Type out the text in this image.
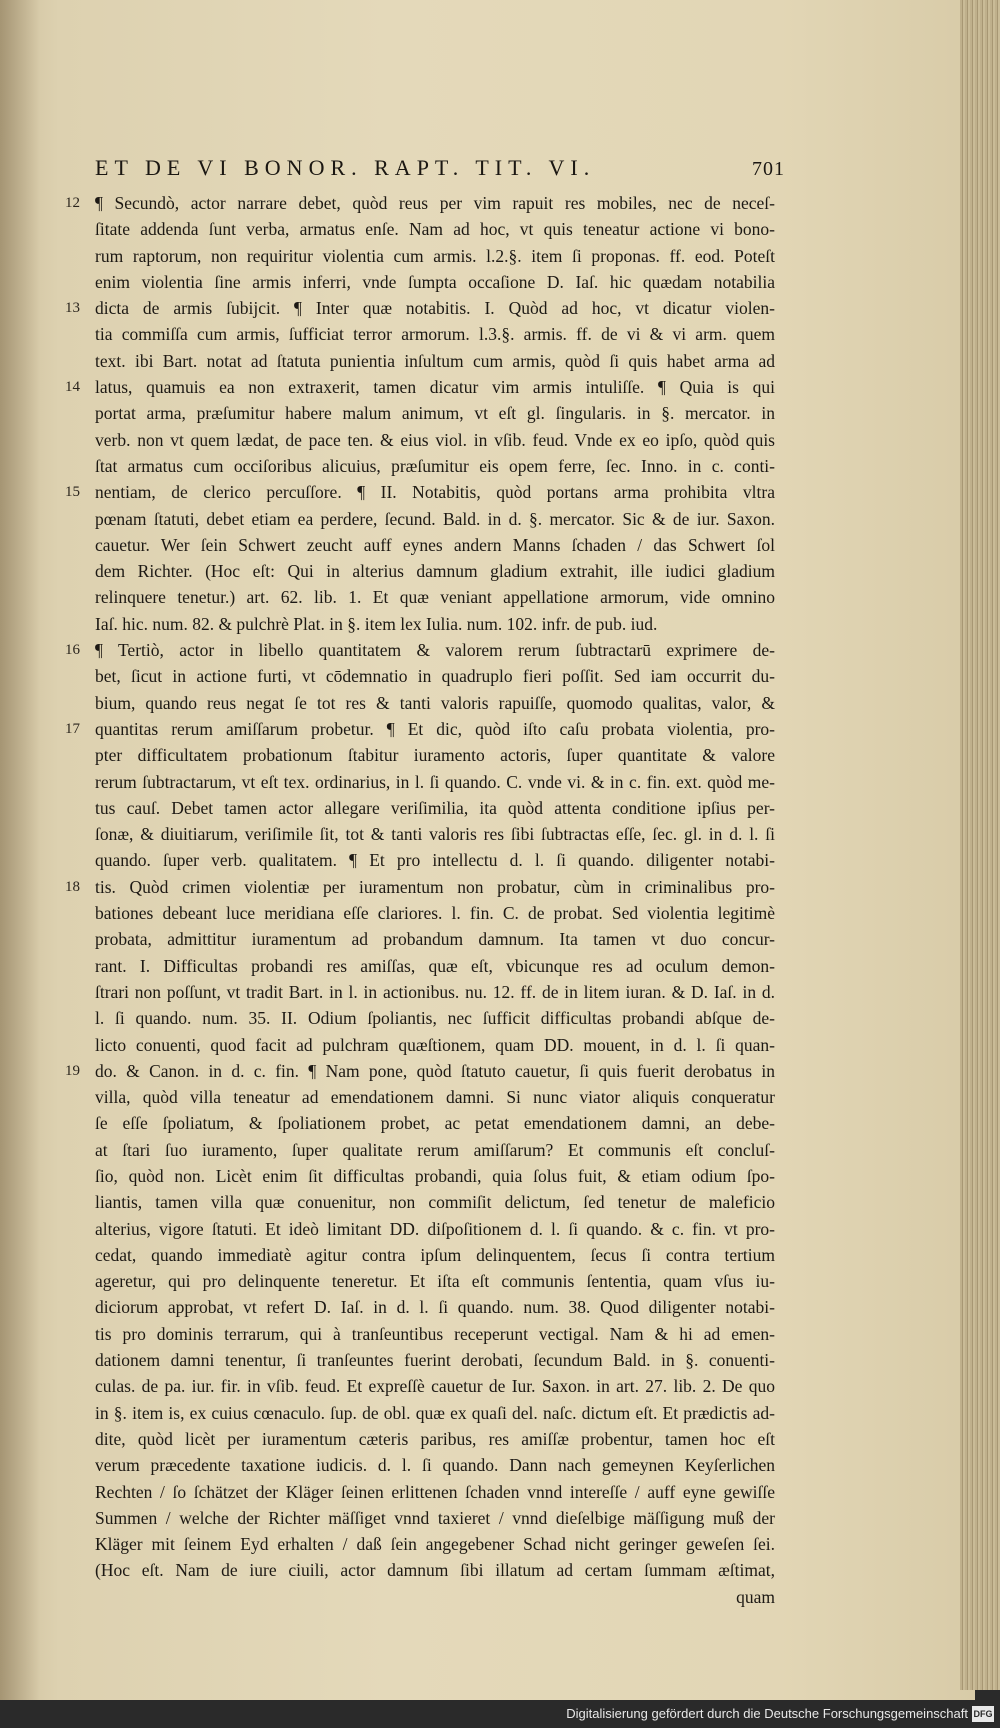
ET DE VI BONOR. RAPT. TIT. VI.	701
12 ¶ Secundò, actor narrare debet, quòd reus per vim rapuit res mobiles, nec de neceſ-
ſitate addenda ſunt verba, armatus enſe. Nam ad hoc, vt quis teneatur actione vi bono-
rum raptorum, non requiritur violentia cum armis. l.2.§. item ſi proponas. ff. eod. Poteſt
enim violentia ſine armis inferri, vnde ſumpta occaſione D. Iaſ. hic quædam notabilia
13 dicta de armis ſubijcit. ¶ Inter quæ notabitis. I. Quòd ad hoc, vt dicatur violen-
tia commiſſa cum armis, ſufficiat terror armorum. l.3.§. armis. ff. de vi & vi arm. quem
text. ibi Bart. notat ad ſtatuta punientia inſultum cum armis, quòd ſi quis habet arma ad
14 latus, quamuis ea non extraxerit, tamen dicatur vim armis intuliſſe. ¶ Quia is qui
portat arma, præſumitur habere malum animum, vt eſt gl. ſingularis. in §. mercator. in
verb. non vt quem lædat, de pace ten. & eius viol. in vſib. feud. Vnde ex eo ipſo, quòd quis
ſtat armatus cum occiſoribus alicuius, præſumitur eis opem ferre, ſec. Inno. in c. conti-
15 nentiam, de clerico percuſſore. ¶ II. Notabitis, quòd portans arma prohibita vltra
pœnam ſtatuti, debet etiam ea perdere, ſecund. Bald. in d. §. mercator. Sic & de iur. Saxon.
cauetur. Wer ſein Schwert zeucht auff eynes andern Manns ſchaden / das Schwert ſol
dem Richter. (Hoc eſt: Qui in alterius damnum gladium extrahit, ille iudici gladium
relinquere tenetur.) art. 62. lib. 1. Et quæ veniant appellatione armorum, vide omnino
Iaſ. hic. num. 82. & pulchrè Plat. in §. item lex Iulia. num. 102. infr. de pub. iud.
16 ¶ Tertiò, actor in libello quantitatem & valorem rerum ſubtractarū exprimere de-
bet, ſicut in actione furti, vt cōdemnatio in quadruplo fieri poſſit. Sed iam occurrit du-
bium, quando reus negat ſe tot res & tanti valoris rapuiſſe, quomodo qualitas, valor, &
17 quantitas rerum amiſſarum probetur. ¶ Et dic, quòd iſto caſu probata violentia, pro-
pter difficultatem probationum ſtabitur iuramento actoris, ſuper quantitate & valore
rerum ſubtractarum, vt eſt tex. ordinarius, in l. ſi quando. C. vnde vi. & in c. fin. ext. quòd me-
tus cauſ. Debet tamen actor allegare veriſimilia, ita quòd attenta conditione ipſius per-
ſonæ, & diuitiarum, veriſimile ſit, tot & tanti valoris res ſibi ſubtractas eſſe, ſec. gl. in d. l. ſi
quando. ſuper verb. qualitatem. ¶ Et pro intellectu d. l. ſi quando. diligenter notabi-
18 tis. Quòd crimen violentiæ per iuramentum non probatur, cùm in criminalibus pro-
bationes debeant luce meridiana eſſe clariores. l. fin. C. de probat. Sed violentia legitimè
probata, admittitur iuramentum ad probandum damnum. Ita tamen vt duo concur-
rant. I. Difficultas probandi res amiſſas, quæ eſt, vbicunque res ad oculum demon-
ſtrari non poſſunt, vt tradit Bart. in l. in actionibus. nu. 12. ff. de in litem iuran. & D. Iaſ. in d.
l. ſi quando. num. 35. II. Odium ſpoliantis, nec ſufficit difficultas probandi abſque de-
licto conuenti, quod facit ad pulchram quæſtionem, quam DD. mouent, in d. l. ſi quan-
19 do. & Canon. in d. c. fin. ¶ Nam pone, quòd ſtatuto cauetur, ſi quis fuerit derobatus in
villa, quòd villa teneatur ad emendationem damni. Si nunc viator aliquis conqueratur
ſe eſſe ſpoliatum, & ſpoliationem probet, ac petat emendationem damni, an debe-
at ſtari ſuo iuramento, ſuper qualitate rerum amiſſarum? Et communis eſt concluſ-
ſio, quòd non. Licèt enim ſit difficultas probandi, quia ſolus fuit, & etiam odium ſpo-
liantis, tamen villa quæ conuenitur, non commiſit delictum, ſed tenetur de maleficio
alterius, vigore ſtatuti. Et ideò limitant DD. diſpoſitionem d. l. ſi quando. & c. fin. vt pro-
cedat, quando immediatè agitur contra ipſum delinquentem, ſecus ſi contra tertium
ageretur, qui pro delinquente teneretur. Et iſta eſt communis ſententia, quam vſus iu-
diciorum approbat, vt refert D. Iaſ. in d. l. ſi quando. num. 38. Quod diligenter notabi-
tis pro dominis terrarum, qui à tranſeuntibus receperunt vectigal. Nam & hi ad emen-
dationem damni tenentur, ſi tranſeuntes fuerint derobati, ſecundum Bald. in §. conuenti-
culas. de pa. iur. fir. in vſib. feud. Et expreſſè cauetur de Iur. Saxon. in art. 27. lib. 2. De quo
in §. item is, ex cuius cœnaculo. ſup. de obl. quæ ex quaſi del. naſc. dictum eſt. Et prædictis ad-
dite, quòd licèt per iuramentum cæteris paribus, res amiſſæ probentur, tamen hoc eſt
verum præcedente taxatione iudicis. d. l. ſi quando. Dann nach gemeynen Keyſerlichen
Rechten / ſo ſchätzet der Kläger ſeinen erlittenen ſchaden vnnd intereſſe / auff eyne gewiſſe
Summen / welche der Richter mäſſiget vnnd taxieret / vnnd dieſelbige mäſſigung muß der
Kläger mit ſeinem Eyd erhalten / daß ſein angegebener Schad nicht geringer geweſen ſei.
(Hoc eſt. Nam de iure ciuili, actor damnum ſibi illatum ad certam ſummam æſtimat,
quam
Digitalisierung gefördert durch die Deutsche Forschungsgemeinschaft DFG
